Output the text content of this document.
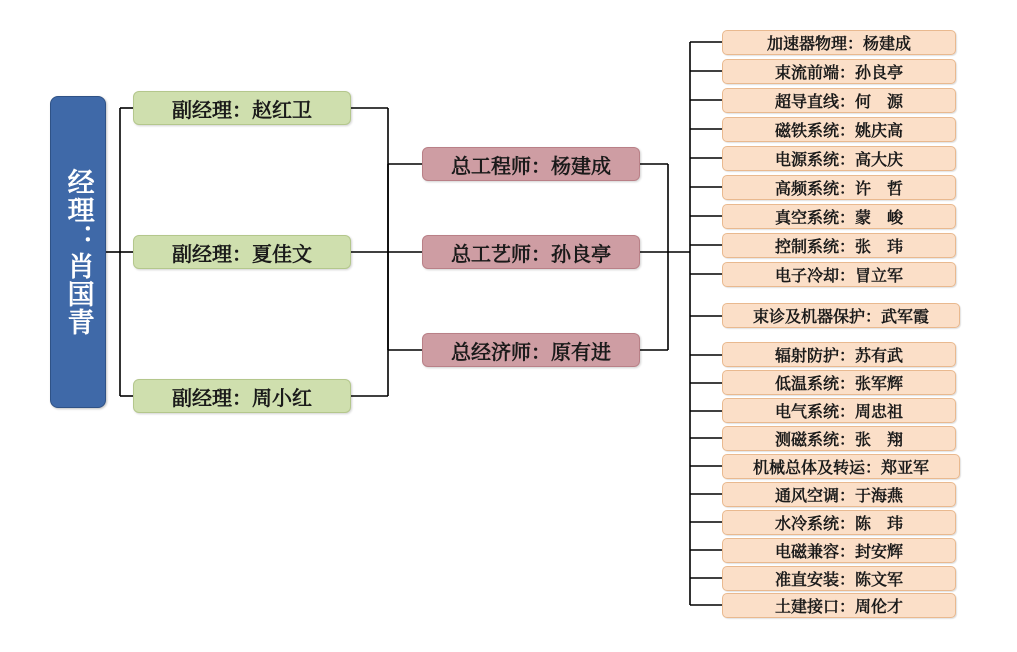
经理：肖国青
副经理：赵红卫
副经理：夏佳文
副经理：周小红
总工程师：杨建成
总工艺师：孙良亭
总经济师：原有进
加速器物理：杨建成
束流前端：孙良亭
超导直线：何　源
磁铁系统：姚庆高
电源系统：高大庆
高频系统：许　哲
真空系统：蒙　峻
控制系统：张　玮
电子冷却：冒立军
束诊及机器保护：武军霞
辐射防护：苏有武
低温系统：张军辉
电气系统：周忠祖
测磁系统：张　翔
机械总体及转运：郑亚军
通风空调：于海燕
水冷系统：陈　玮
电磁兼容：封安辉
准直安装：陈文军
土建接口：周伦才
